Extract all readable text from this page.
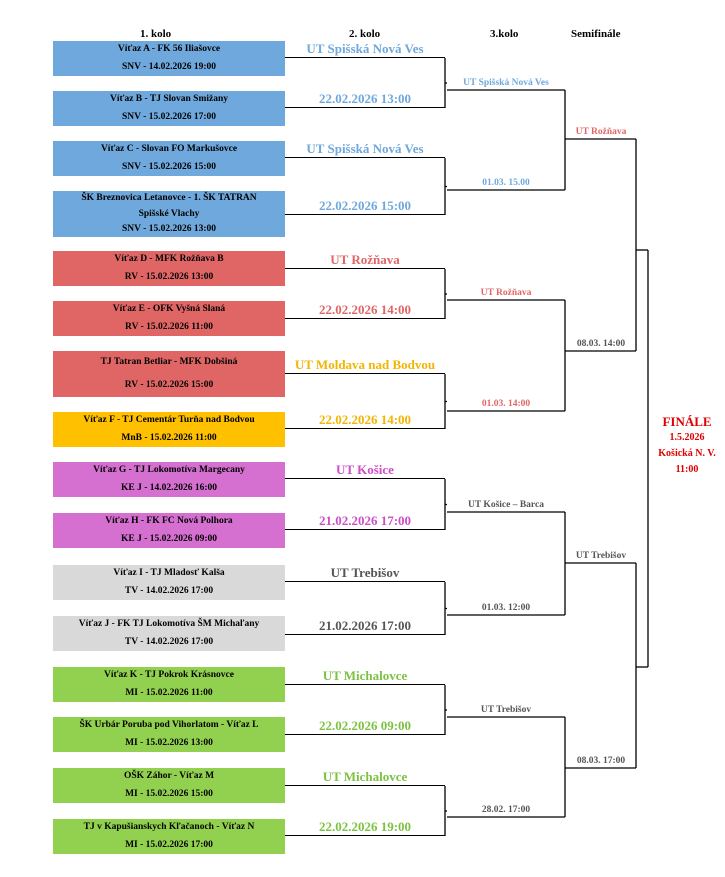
1. kolo	2. kolo	3.kolo	Semifinále
Víťaz A - FK 56 Iliašovce
SNV - 14.02.2026 19:00
Víťaz B - TJ Slovan Smižany
SNV - 15.02.2026 17:00
Víťaz C - Slovan FO Markušovce
SNV - 15.02.2026 15:00
ŠK Breznovica Letanovce - 1. ŠK TATRAN
Spišské Vlachy
SNV - 15.02.2026 13:00
Víťaz D - MFK Rožňava B
RV - 15.02.2026 13:00
Víťaz E - OFK Vyšná Slaná
RV - 15.02.2026 11:00
TJ Tatran Betliar - MFK Dobšiná
RV - 15.02.2026 15:00
Víťaz F - TJ Cementár Turňa nad Bodvou
MnB - 15.02.2026 11:00
Víťaz G - TJ Lokomotíva Margecany
KE J - 14.02.2026 16:00
Víťaz H - FK FC Nová Polhora
KE J - 15.02.2026 09:00
Víťaz I - TJ Mladosť Kalša
TV - 14.02.2026 17:00
Víťaz J - FK TJ Lokomotíva ŠM Michaľany
TV - 14.02.2026 17:00
Víťaz K - TJ Pokrok Krásnovce
MI - 15.02.2026 11:00
ŠK Urbár Poruba pod Vihorlatom - Víťaz L
MI - 15.02.2026 13:00
OŠK Záhor - Víťaz M
MI - 15.02.2026 15:00
TJ v Kapušianskych Kľačanoch - Víťaz N
MI - 15.02.2026 17:00
UT Spišská Nová Ves
22.02.2026 13:00
UT Spišská Nová Ves
22.02.2026 15:00
UT Rožňava
22.02.2026 14:00
UT Moldava nad Bodvou
22.02.2026 14:00
UT Košice
21.02.2026 17:00
UT Trebišov
21.02.2026 17:00
UT Michalovce
22.02.2026 09:00
UT Michalovce
22.02.2026 19:00
UT Spišská Nová Ves
01.03. 15.00
UT Rožňava
01.03. 14:00
UT Košice – Barca
01.03. 12:00
UT Trebišov
28.02. 17:00
UT Rožňava
08.03. 14:00
UT Trebišov
08.03. 17:00
FINÁLE
1.5.2026
Košická N. V.
11:00
